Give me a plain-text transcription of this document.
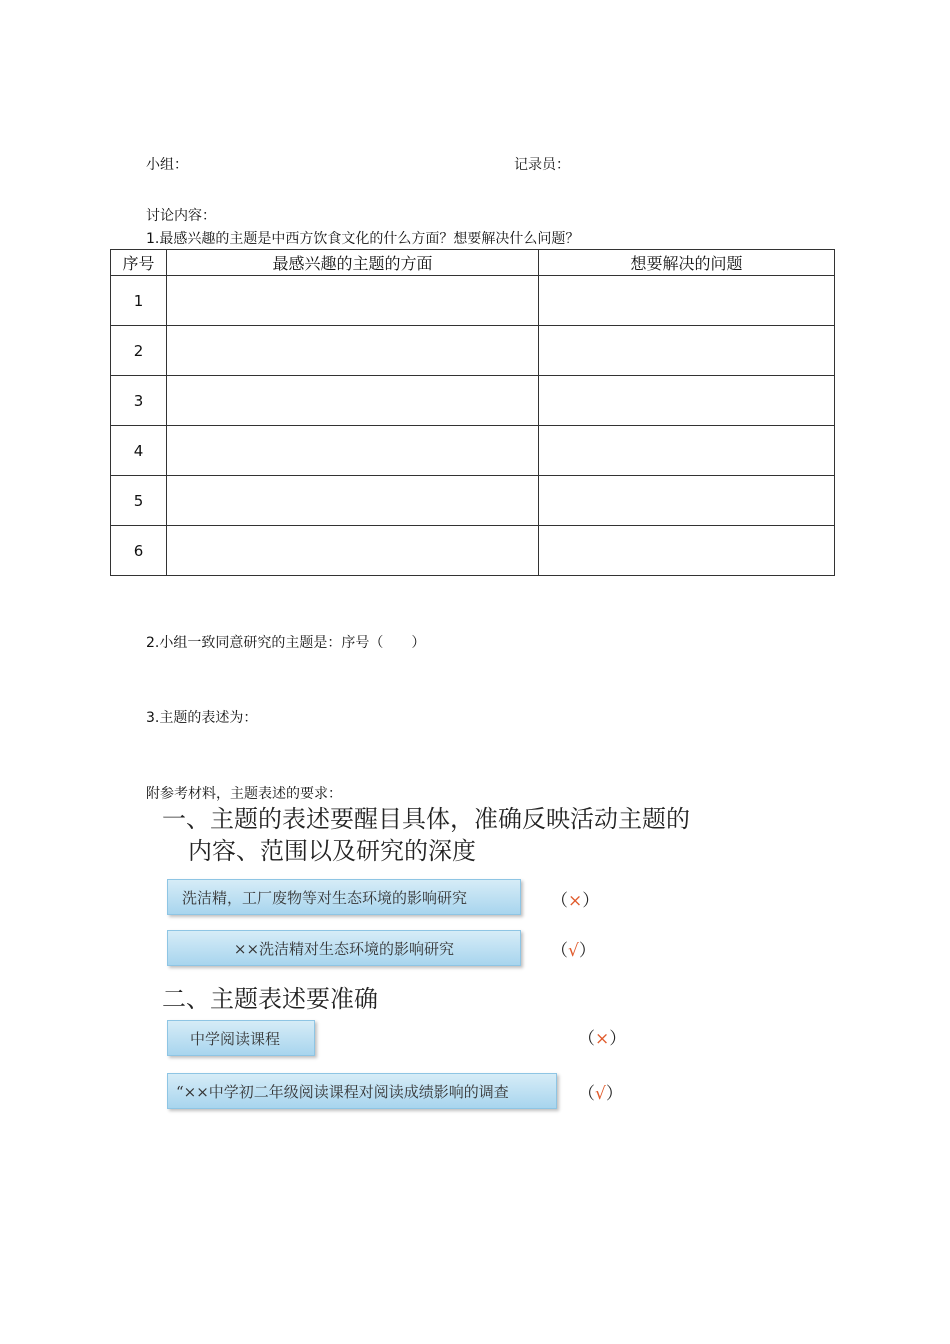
小组：	记录员：
讨论内容：
1.最感兴趣的主题是中西方饮食文化的什么方面？想要解决什么问题？
序号	最感兴趣的主题的方面	想要解决的问题
1		
2		
3		
4		
5		
6		
2.小组一致同意研究的主题是：序号（　　）
3.主题的表述为：
附参考材料，主题表述的要求：
一、主题的表述要醒目具体，准确反映活动主题的
内容、范围以及研究的深度
洗洁精，工厂废物等对生态环境的影响研究	（×）
××洗洁精对生态环境的影响研究	（√）
二、主题表述要准确
中学阅读课程	（×）
“××中学初二年级阅读课程对阅读成绩影响的调查	（√）
